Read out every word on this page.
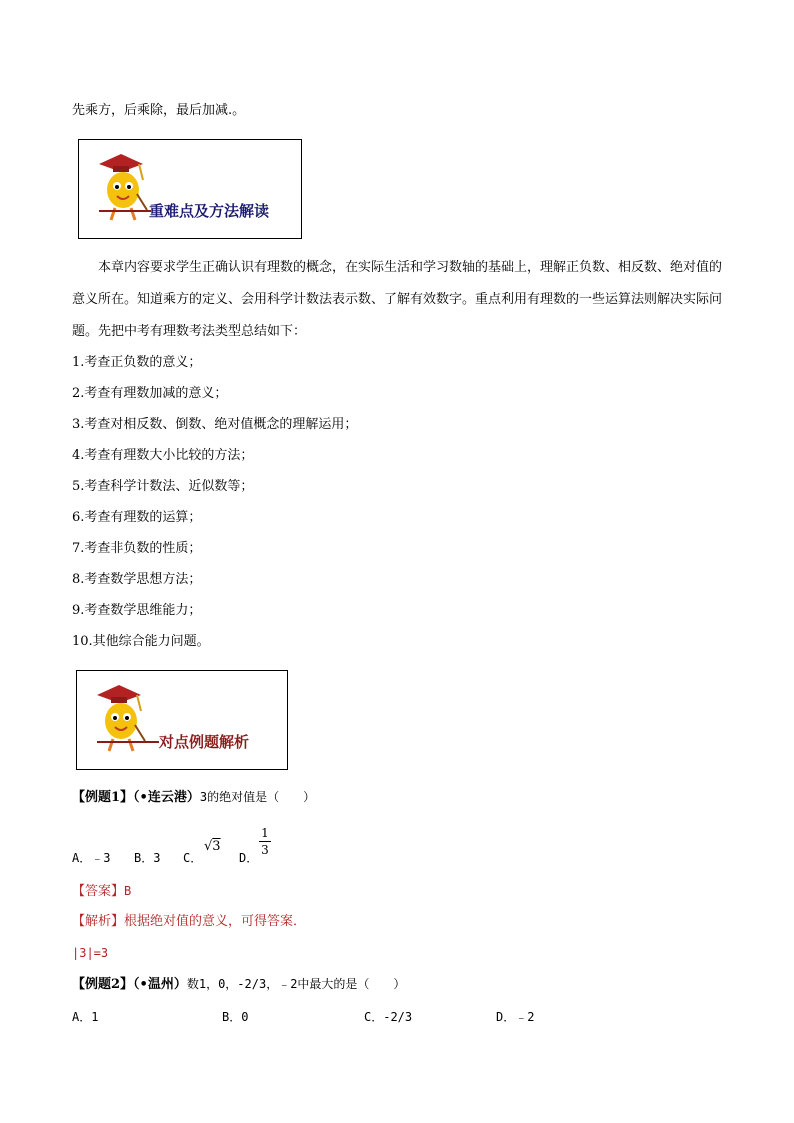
先乘方，后乘除，最后加减.。
重难点及方法解读
本章内容要求学生正确认识有理数的概念，在实际生活和学习数轴的基础上，理解正负数、相反数、绝对值的意义所在。知道乘方的定义、会用科学计数法表示数、了解有效数字。重点利用有理数的一些运算法则解决实际问题。先把中考有理数考法类型总结如下：
1.考查正负数的意义；
2.考查有理数加减的意义；
3.考查对相反数、倒数、绝对值概念的理解运用；
4.考查有理数大小比较的方法；
5.考查科学计数法、近似数等；
6.考查有理数的运算；
7.考查非负数的性质；
8.考查数学思想方法；
9.考查数学思维能力；
10.其他综合能力问题。
对点例题解析
【例题1】（•连云港）3的绝对值是（　　）
A．﹣3 B．3 C．
√3
D．
1
3
【答案】B
【解析】根据绝对值的意义，可得答案．
|3|=3
【例题2】（•温州）数1，0，-2/3，﹣2中最大的是（　　）
A．1	B．0	C．-2/3	D．﹣2
